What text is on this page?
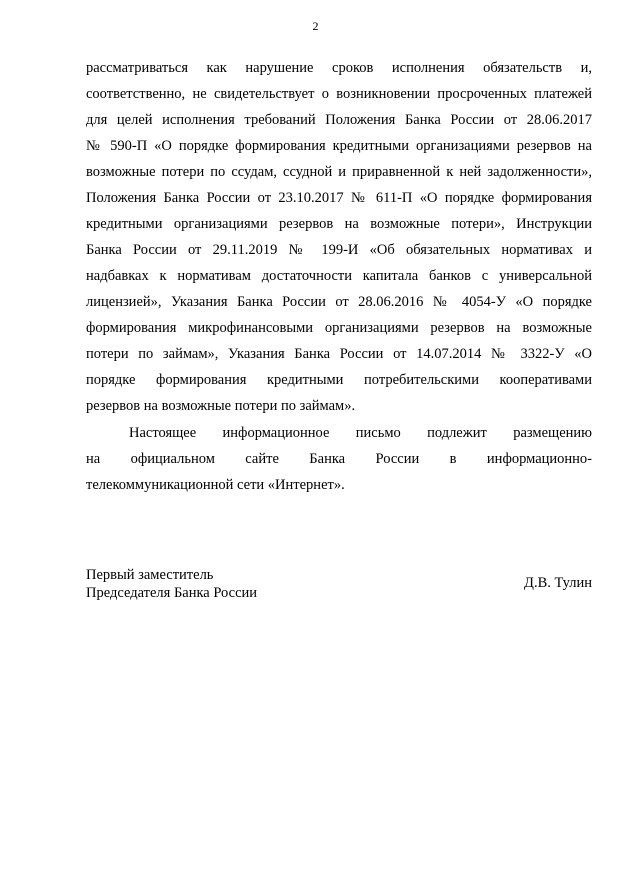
2
рассматриваться как нарушение сроков исполнения обязательств и,
соответственно, не свидетельствует о возникновении просроченных платежей
для целей исполнения требований Положения Банка России от 28.06.2017
№ 590-П «О порядке формирования кредитными организациями резервов на
возможные потери по ссудам, ссудной и приравненной к ней задолженности»,
Положения Банка России от 23.10.2017 № 611-П «О порядке формирования
кредитными организациями резервов на возможные потери», Инструкции
Банка России от 29.11.2019 № 199-И «Об обязательных нормативах и
надбавках к нормативам достаточности капитала банков с универсальной
лицензией», Указания Банка России от 28.06.2016 № 4054-У «О порядке
формирования микрофинансовыми организациями резервов на возможные
потери по займам», Указания Банка России от 14.07.2014 № 3322-У «О
порядке формирования кредитными потребительскими кооперативами
резервов на возможные потери по займам».
Настоящее информационное письмо подлежит размещению
на официальном сайте Банка России в информационно-
телекоммуникационной сети «Интернет».
Первый заместитель
Председателя Банка России
Д.В. Тулин
